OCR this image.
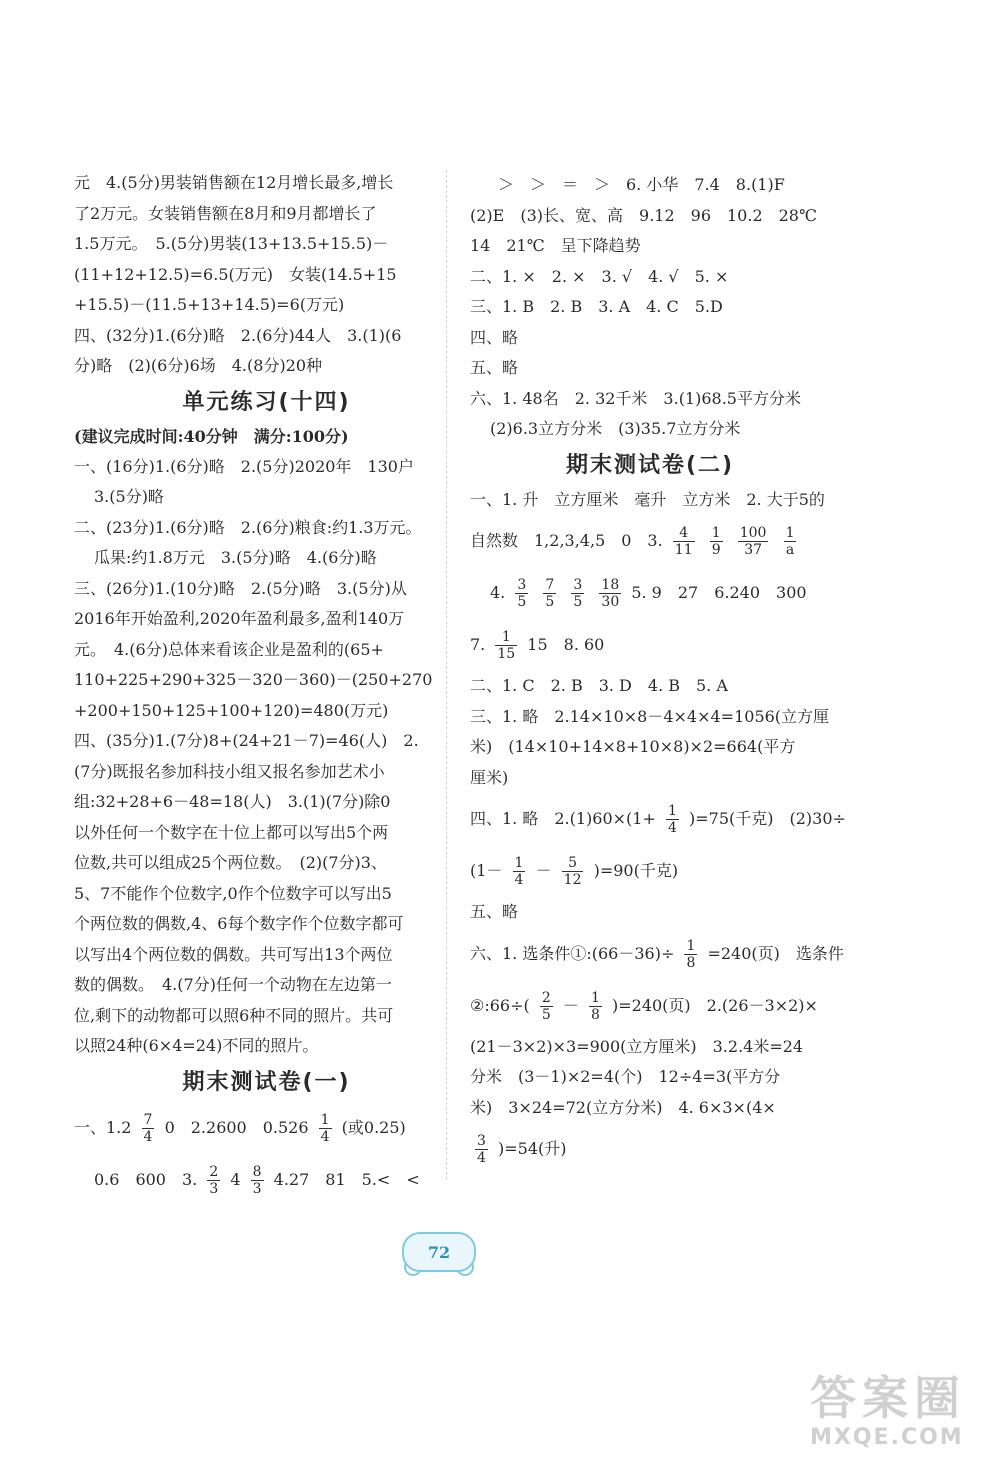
元　4.(5分)男装销售额在12月增长最多,增长
了2万元。女装销售额在8月和9月都增长了
1.5万元。　5.(5分)男装(13+13.5+15.5)－
(11+12+12.5)=6.5(万元)　女装(14.5+15
+15.5)－(11.5+13+14.5)=6(万元)
四、(32分)1.(6分)略　2.(6分)44人　3.(1)(6
分)略　(2)(6分)6场　4.(8分)20种
单元练习(十四)
(建议完成时间:40分钟　满分:100分)
一、(16分)1.(6分)略　2.(5分)2020年　130户
3.(5分)略
二、(23分)1.(6分)略　2.(6分)粮食:约1.3万元。
瓜果:约1.8万元　3.(5分)略　4.(6分)略
三、(26分)1.(10分)略　2.(5分)略　3.(5分)从
2016年开始盈利,2020年盈利最多,盈利140万
元。　4.(6分)总体来看该企业是盈利的(65+
110+225+290+325－320－360)－(250+270
+200+150+125+100+120)=480(万元)
四、(35分)1.(7分)8+(24+21－7)=46(人)　2.
(7分)既报名参加科技小组又报名参加艺术小
组:32+28+6－48=18(人)　3.(1)(7分)除0
以外任何一个数字在十位上都可以写出5个两
位数,共可以组成25个两位数。　(2)(7分)3、
5、7不能作个位数字,0作个位数字可以写出5
个两位数的偶数,4、6每个数字作个位数字都可
以写出4个两位数的偶数。共可写出13个两位
数的偶数。　4.(7分)任何一个动物在左边第一
位,剩下的动物都可以照6种不同的照片。共可
以照24种(6×4=24)不同的照片。
期末测试卷(一)
一、$1.2 \frac{7}{4} 0$　2.2600　$0.526 \frac{1}{4}$ (或0.25)
0.6　600　3. $\frac{2}{3} 4 \frac{8}{3} 4.27$　81　5.<　<
＞　＞　＝　＞　6. 小华　7.4　8.(1)F
(2)E　(3)长、宽、高　9.12　96　10.2　28℃
14　21℃　呈下降趋势
二、1. ×　2. ×　3. √　4. √　5. ×
三、1. B　2. B　3. A　4. C　5.D
四、略
五、略
六、1. 48名　2. 32千米　3.(1)68.5平方分米
(2)6.3立方分米　(3)35.7立方分米
期末测试卷(二)
一、1. 升　立方厘米　毫升　立方米　2. 大于5的
自然数　1,2,3,4,5　0　3. $\frac{4}{11}$
$\frac{1}{9}$
$\frac{100}{37}$
$\frac{1}{a}$
4. $\frac{3}{5}$
$\frac{7}{5}$
$\frac{3}{5}$
$\frac{18}{30} 5$. 9　27　6.240　300
7. $\frac{1}{15} 15$　8. 60
二、1. C　2. B　3. D　4. B　5. A
三、1. 略　2.14×10×8－4×4×4=1056(立方厘
米)　(14×10+14×8+10×8)×2=664(平方
厘米)
四、1. 略　$2.(1)60\times(1+ \frac{1}{4} )=75$(千克)　(2)30÷
$(1- \frac{1}{4} - \frac{5}{12} )=90$(千克)
五、略
六、1. 选条件①:(66－36)÷ $\frac{1}{8} =240$(页)　选条件
②:66÷( $\frac{2}{5} - \frac{1}{8} )=240$(页)　2.(26－3×2)×
(21－3×2)×3=900(立方厘米)　3.2.4米=24
分米　(3－1)×2=4(个)　12÷4=3(平方分
米)　3×24=72(立方分米)　4. 6×3×(4×
$\frac{3}{4} )=54$(升)
72
答案圈
MXQE.COM
